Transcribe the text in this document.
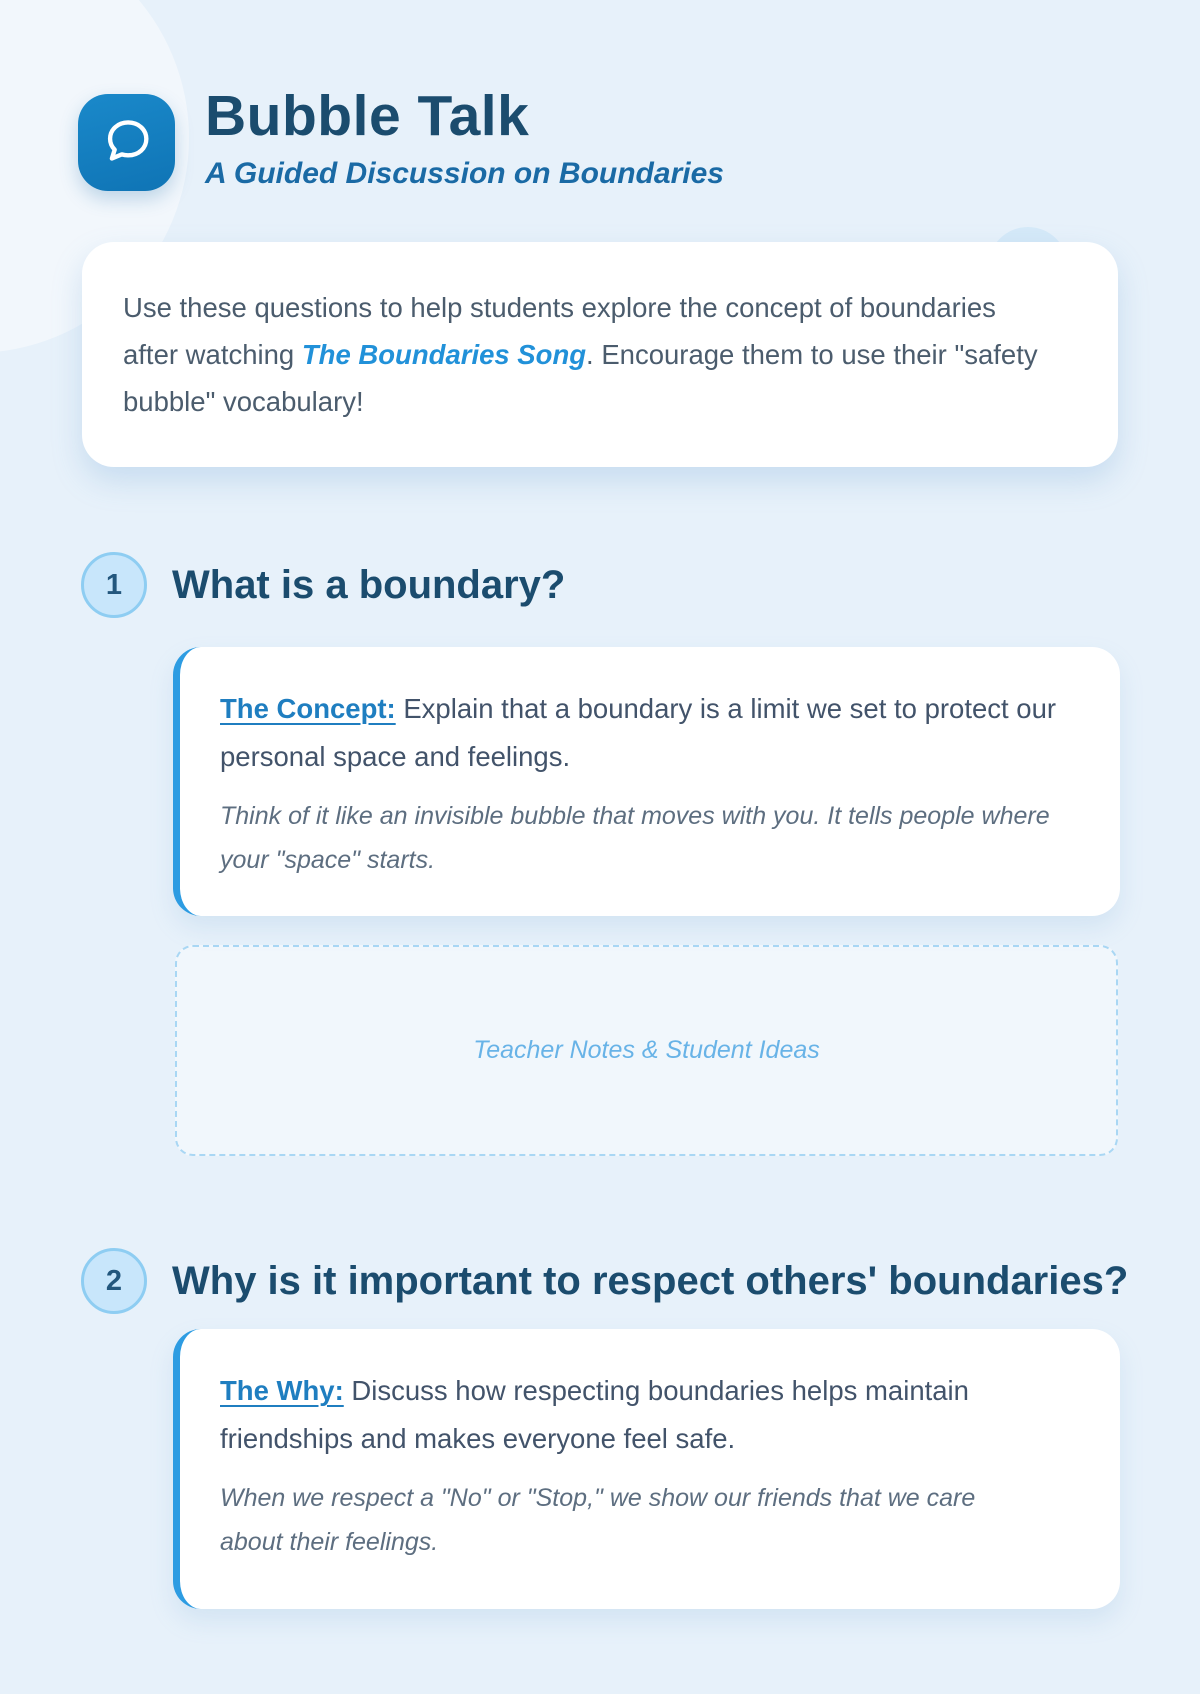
Bubble Talk
A Guided Discussion on Boundaries
Use these questions to help students explore the concept of boundaries after watching The Boundaries Song. Encourage them to use their "safety bubble" vocabulary!
1	What is a boundary?

The Concept: Explain that a boundary is a limit we set to protect our personal space and feelings.

Think of it like an invisible bubble that moves with you. It tells people where your "space" starts.

Teacher Notes & Student Ideas
2	Why is it important to respect others' boundaries?

The Why: Discuss how respecting boundaries helps maintain friendships and makes everyone feel safe.

When we respect a "No" or "Stop," we show our friends that we care about their feelings.
